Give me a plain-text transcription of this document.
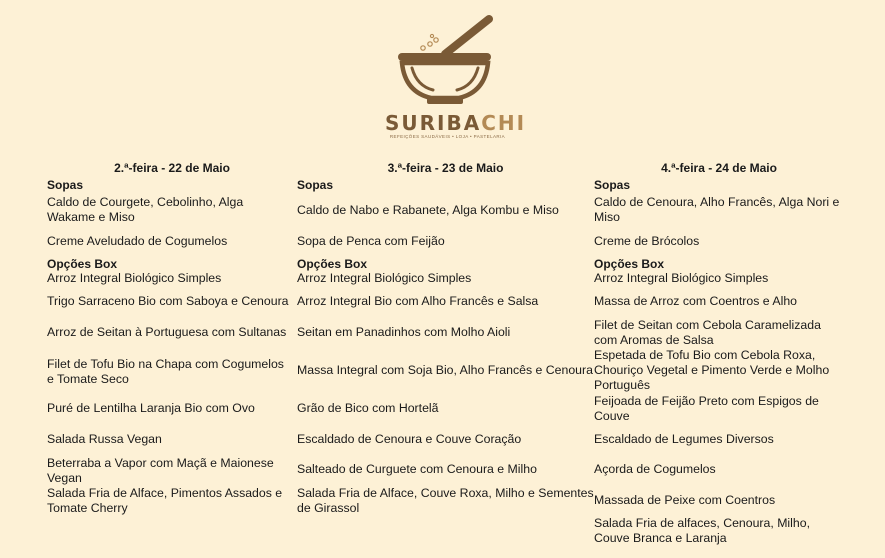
SURIBACHI
REFEIÇÕES SAUDÁVEIS • LOJA • PASTELARIA
2.ª-feira - 22 de Maio
Sopas
Caldo de Courgete, Cebolinho, Alga Wakame e Miso
Creme Aveludado de Cogumelos
Opções Box
Arroz Integral Biológico Simples
Trigo Sarraceno Bio com Saboya e Cenoura
Arroz de Seitan à Portuguesa com Sultanas
Filet de Tofu Bio na Chapa com Cogumelos e Tomate Seco
Puré de Lentilha Laranja Bio com Ovo
Salada Russa Vegan
Beterraba a Vapor com Maçã e Maionese Vegan
Salada Fria de Alface, Pimentos Assados e Tomate Cherry
3.ª-feira - 23 de Maio
Sopas
Caldo de Nabo e Rabanete, Alga Kombu e Miso
Sopa de Penca com Feijão
Opções Box
Arroz Integral Biológico Simples
Arroz Integral Bio com Alho Francês e Salsa
Seitan em Panadinhos com Molho Aioli
Massa Integral com Soja Bio, Alho Francês e Cenoura
Grão de Bico com Hortelã
Escaldado de Cenoura e Couve Coração
Salteado de Curguete com Cenoura e Milho
Salada Fria de Alface, Couve Roxa, Milho e Sementes de Girassol
4.ª-feira - 24 de Maio
Sopas
Caldo de Cenoura, Alho Francês, Alga Nori e Miso
Creme de Brócolos
Opções Box
Arroz Integral Biológico Simples
Massa de Arroz com Coentros e Alho
Filet de Seitan com Cebola Caramelizada com Aromas de Salsa
Espetada de Tofu Bio com Cebola Roxa, Chouriço Vegetal e Pimento Verde e Molho Português
Feijoada de Feijão Preto com Espigos de Couve
Escaldado de Legumes Diversos
Açorda de Cogumelos
Massada de Peixe com Coentros
Salada Fria de alfaces, Cenoura, Milho, Couve Branca e Laranja
